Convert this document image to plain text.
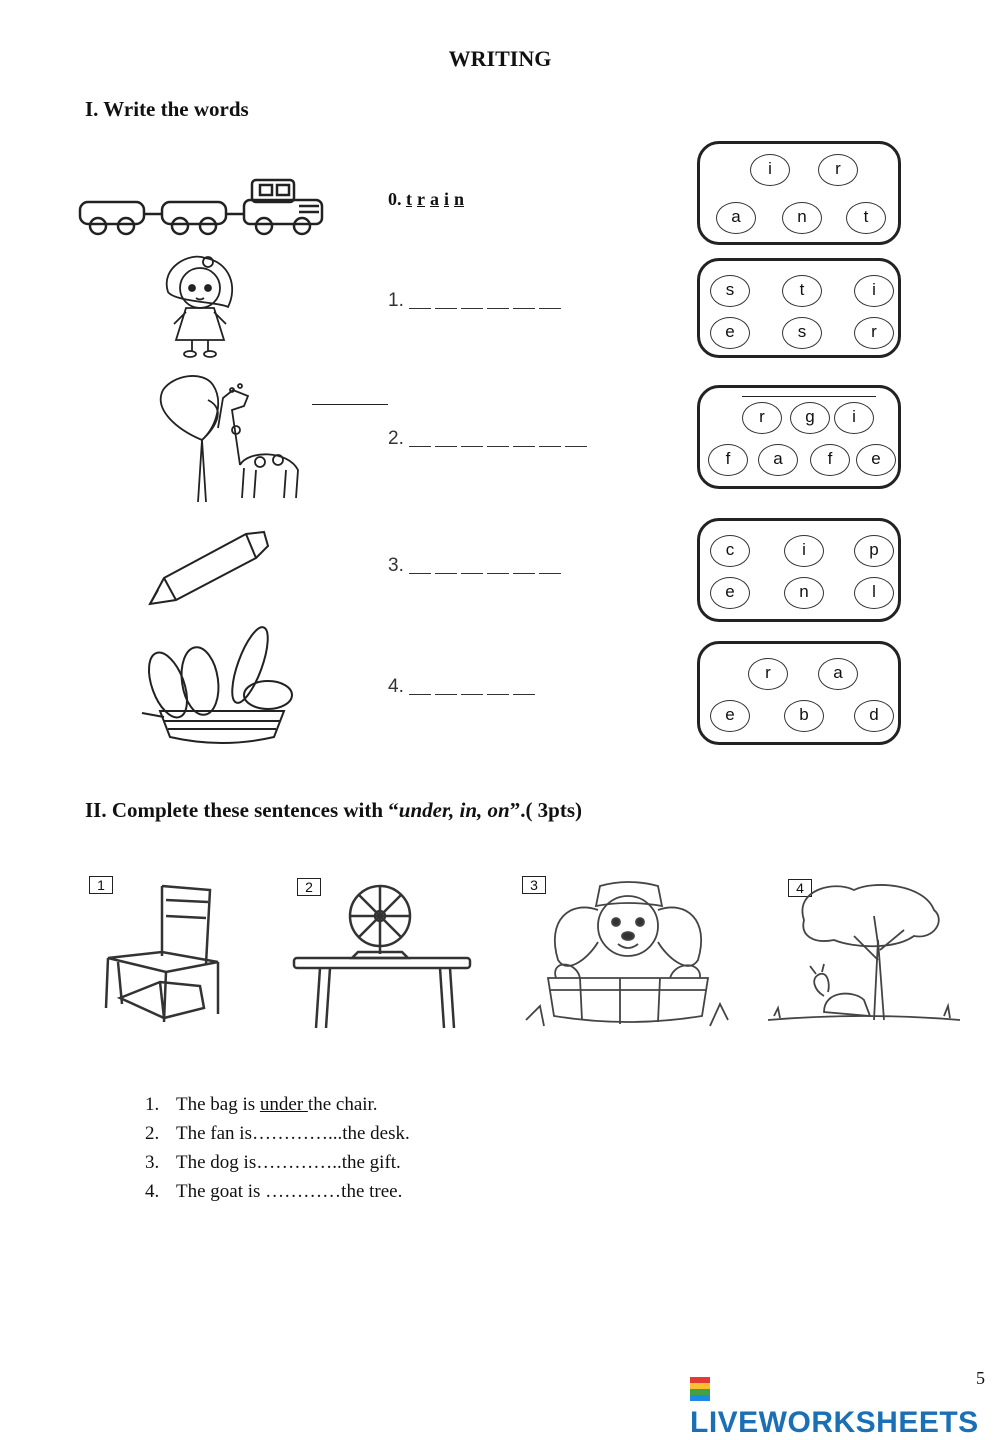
WRITING
I. Write the words
0. t r a i n
i	r
a	n	t
1.
s	t	i
e	s	r
2.
r	g	i
f	a	f	e
3.
c	i	p
e	n	l
4.
r	a
e	b	d
II. Complete these sentences with “under, in, on”.( 3pts)
1	2	3	4
1. The bag is under the chair.
2. The fan is…………...the desk.
3. The dog is…………..the gift.
4. The goat is …………the tree.
LIVEWORKSHEETS
5
